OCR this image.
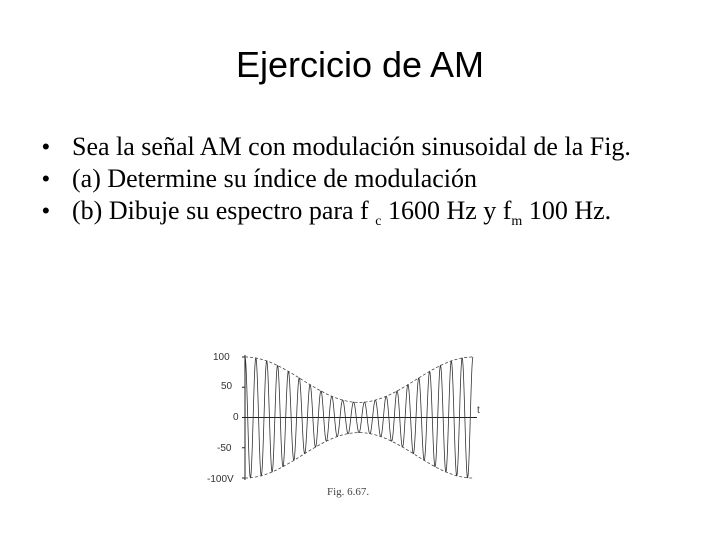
Ejercicio de AM
• Sea la señal AM con modulación sinusoidal de la Fig.
• (a) Determine su índice de modulación
• (b) Dibuje su espectro para f $_c$ 1600 Hz y $f_m$ 100 Hz.
100
50
0
-50
-100V
t
Fig. 6.67.
